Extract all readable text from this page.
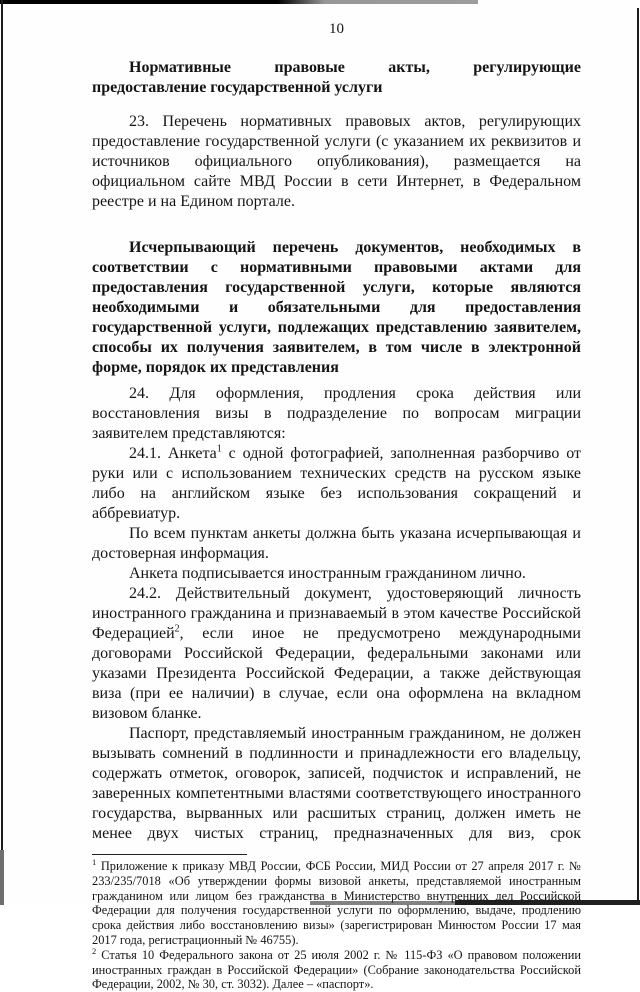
10

Нормативные правовые акты, регулирующие предоставление государственной услуги

23. Перечень нормативных правовых актов, регулирующих предоставление государственной услуги (с указанием их реквизитов и источников официального опубликования), размещается на официальном сайте МВД России в сети Интернет, в Федеральном реестре и на Едином портале.

Исчерпывающий перечень документов, необходимых в соответствии с нормативными правовыми актами для предоставления государственной услуги, которые являются необходимыми и обязательными для предоставления государственной услуги, подлежащих представлению заявителем, способы их получения заявителем, в том числе в электронной форме, порядок их представления

24. Для оформления, продления срока действия или восстановления визы в подразделение по вопросам миграции заявителем представляются:

24.1. Анкета$^1$ с одной фотографией, заполненная разборчиво от руки или с использованием технических средств на русском языке либо на английском языке без использования сокращений и аббревиатур.

По всем пунктам анкеты должна быть указана исчерпывающая и достоверная информация.

Анкета подписывается иностранным гражданином лично.

24.2. Действительный документ, удостоверяющий личность иностранного гражданина и признаваемый в этом качестве Российской Федерацией$^2$, если иное не предусмотрено международными договорами Российской Федерации, федеральными законами или указами Президента Российской Федерации, а также действующая виза (при ее наличии) в случае, если она оформлена на вкладном визовом бланке.

Паспорт, представляемый иностранным гражданином, не должен вызывать сомнений в подлинности и принадлежности его владельцу, содержать отметок, оговорок, записей, подчисток и исправлений, не заверенных компетентными властями соответствующего иностранного государства, вырванных или расшитых страниц, должен иметь не менее двух чистых страниц, предназначенных для виз, срок

$^1$ Приложение к приказу МВД России, ФСБ России, МИД России от 27 апреля 2017 г. № 233/235/7018 «Об утверждении формы визовой анкеты, представляемой иностранным гражданином или лицом без гражданства в Министерство внутренних дел Российской Федерации для получения государственной услуги по оформлению, выдаче, продлению срока действия либо восстановлению визы» (зарегистрирован Минюстом России 17 мая 2017 года, регистрационный № 46755).

$^2$ Статья 10 Федерального закона от 25 июля 2002 г. № 115-ФЗ «О правовом положении иностранных граждан в Российской Федерации» (Собрание законодательства Российской Федерации, 2002, № 30, ст. 3032). Далее – «паспорт».
